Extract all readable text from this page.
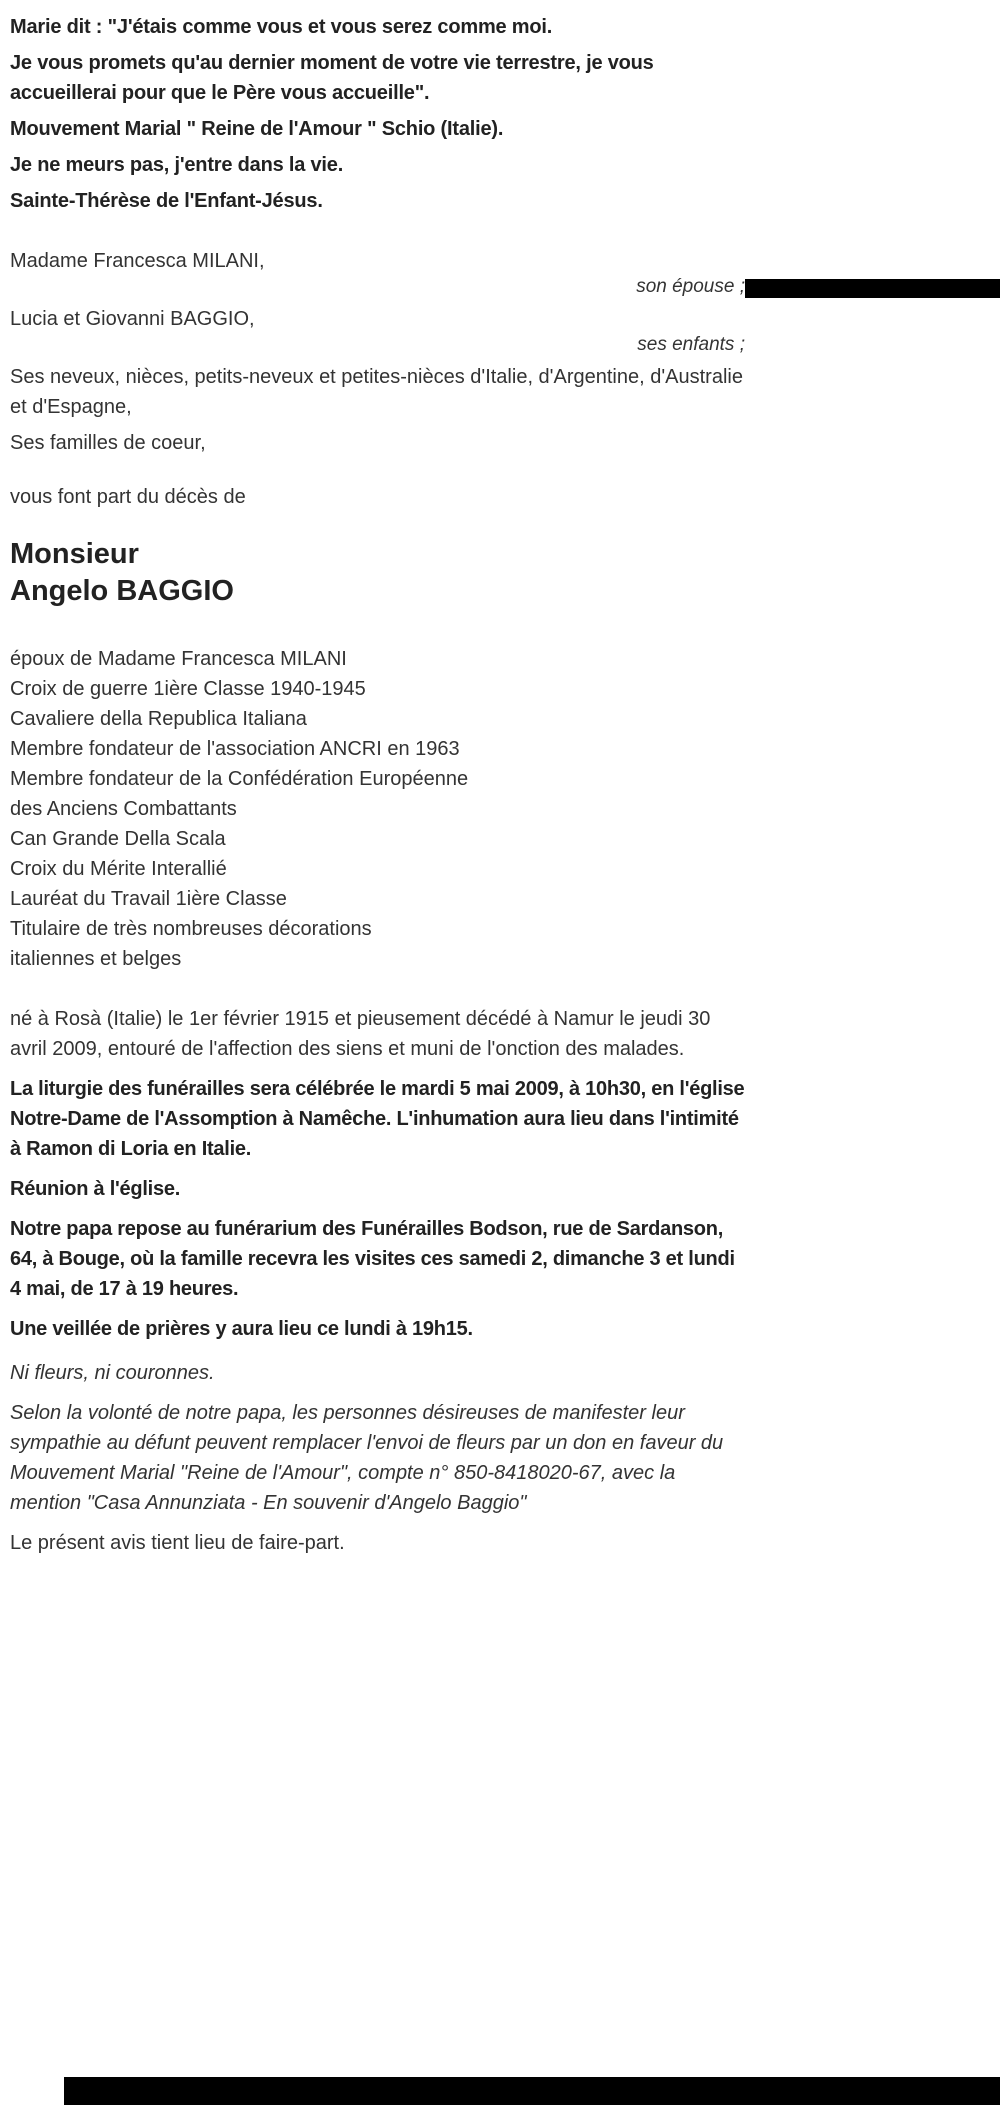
Marie dit : "J'étais comme vous et vous serez comme moi.

Je vous promets qu'au dernier moment de votre vie terrestre, je vous accueillerai pour que le Père vous accueille".

Mouvement Marial " Reine de l'Amour " Schio (Italie).

Je ne meurs pas, j'entre dans la vie.

Sainte-Thérèse de l'Enfant-Jésus.

Madame Francesca MILANI,

son épouse ;

Lucia et Giovanni BAGGIO,

ses enfants ;

Ses neveux, nièces, petits-neveux et petites-nièces d'Italie, d'Argentine, d'Australie et d'Espagne,

Ses familles de coeur,

vous font part du décès de

Monsieur
Angelo BAGGIO

époux de Madame Francesca MILANI

Croix de guerre 1ière Classe 1940-1945

Cavaliere della Republica Italiana

Membre fondateur de l'association ANCRI en 1963

Membre fondateur de la Confédération Européenne

des Anciens Combattants

Can Grande Della Scala

Croix du Mérite Interallié

Lauréat du Travail 1ière Classe

Titulaire de très nombreuses décorations

italiennes et belges

né à Rosà (Italie) le 1er février 1915 et pieusement décédé à Namur le jeudi 30 avril 2009, entouré de l'affection des siens et muni de l'onction des malades.

La liturgie des funérailles sera célébrée le mardi 5 mai 2009, à 10h30, en l'église Notre-Dame de l'Assomption à Namêche. L'inhumation aura lieu dans l'intimité à Ramon di Loria en Italie.

Réunion à l'église.

Notre papa repose au funérarium des Funérailles Bodson, rue de Sardanson, 64, à Bouge, où la famille recevra les visites ces samedi 2, dimanche 3 et lundi 4 mai, de 17 à 19 heures.

Une veillée de prières y aura lieu ce lundi à 19h15.

Ni fleurs, ni couronnes.

Selon la volonté de notre papa, les personnes désireuses de manifester leur sympathie au défunt peuvent remplacer l'envoi de fleurs par un don en faveur du Mouvement Marial "Reine de l'Amour", compte n° 850-8418020-67, avec la mention "Casa Annunziata - En souvenir d'Angelo Baggio"

Le présent avis tient lieu de faire-part.
